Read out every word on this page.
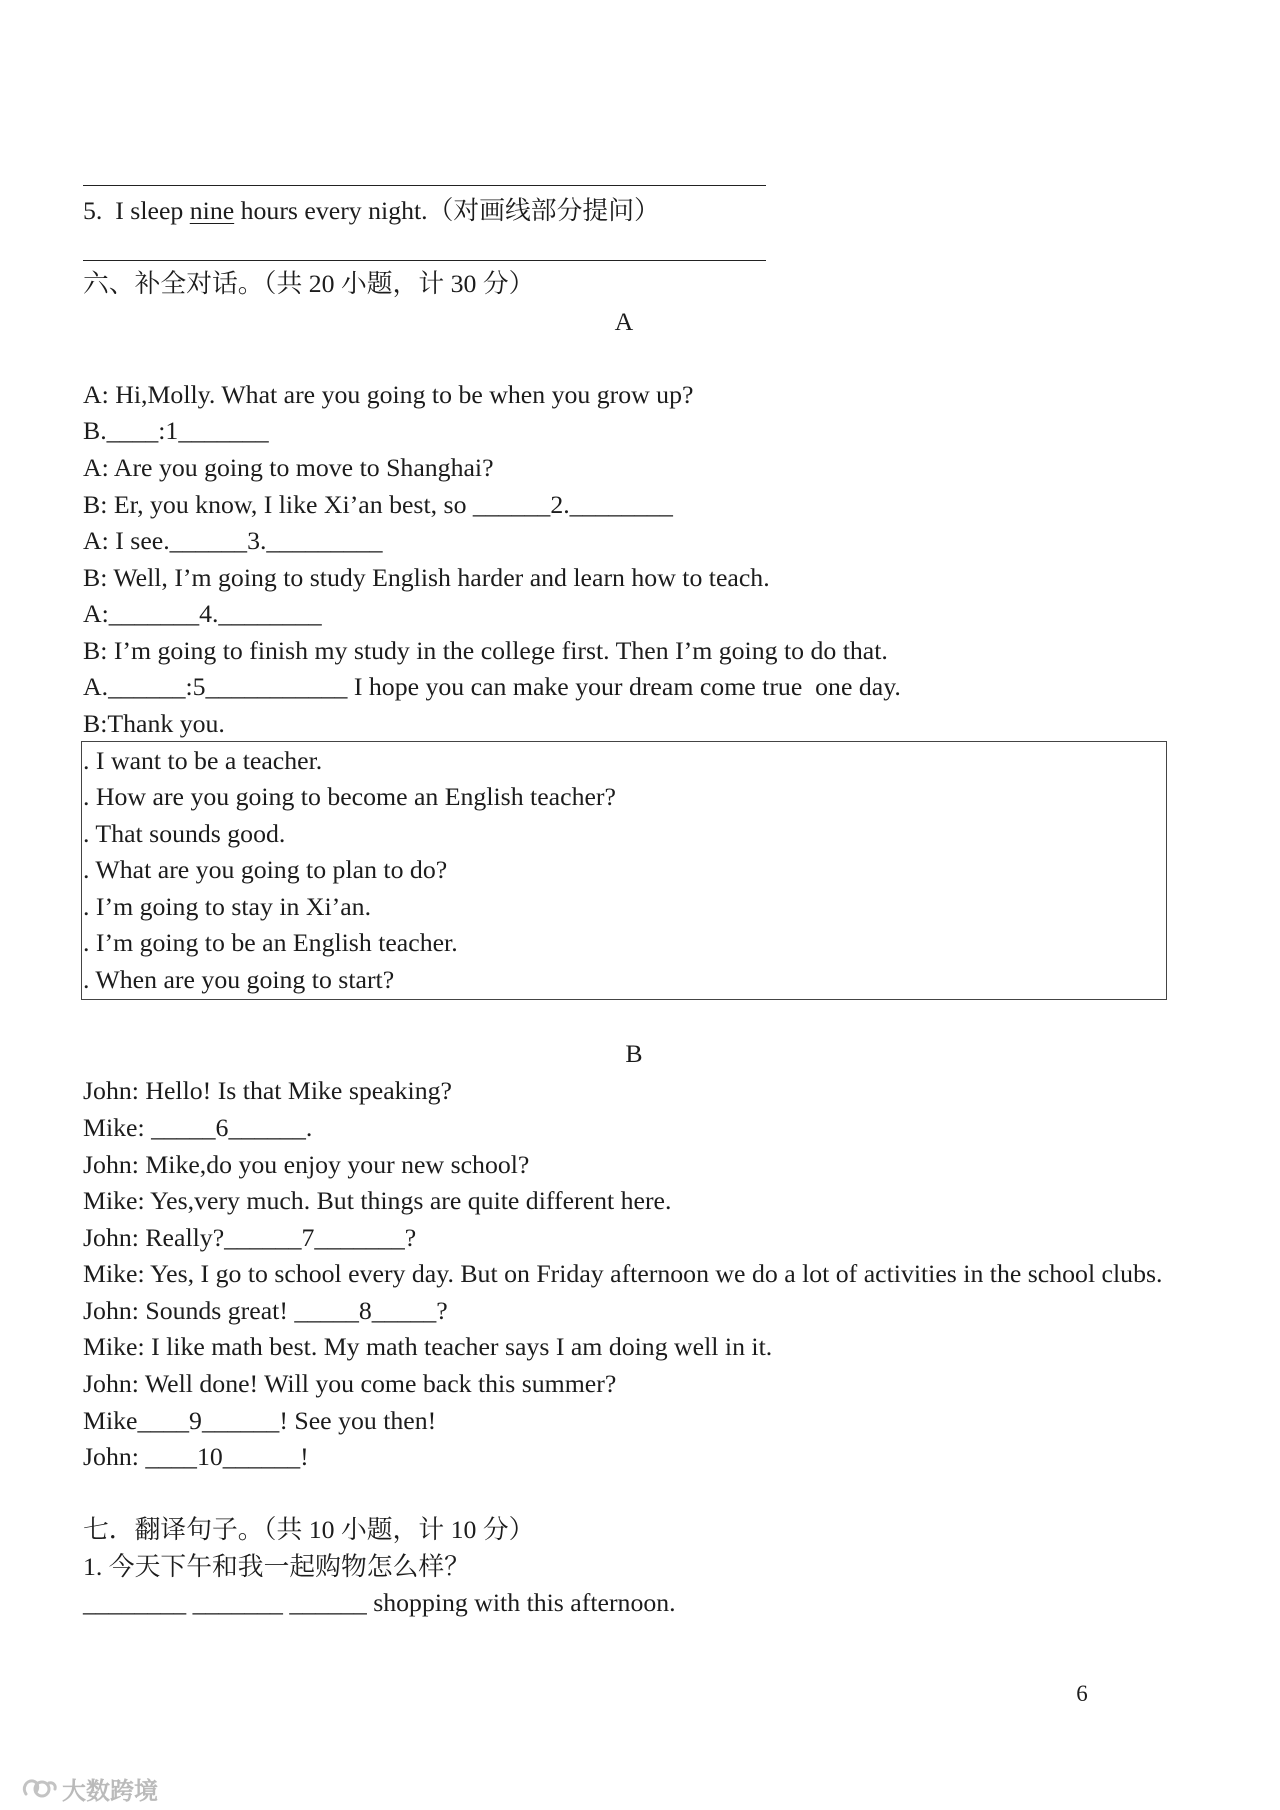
5.  I sleep nine hours every night.（对画线部分提问）
六、补全对话。（共 20 小题，计 30 分）
A
A: Hi,Molly. What are you going to be when you grow up?
B.____:1_______
A: Are you going to move to Shanghai?
B: Er, you know, I like Xi’an best, so ______2.________
A: I see.______3._________
B: Well, I’m going to study English harder and learn how to teach.
A:_______4.________
B: I’m going to finish my study in the college first. Then I’m going to do that.
A.______:5___________ I hope you can make your dream come true  one day.
B:Thank you.
. I want to be a teacher.
. How are you going to become an English teacher?
. That sounds good.
. What are you going to plan to do?
. I’m going to stay in Xi’an.
. I’m going to be an English teacher.
. When are you going to start?
B
John: Hello! Is that Mike speaking?
Mike: _____6______.
John: Mike,do you enjoy your new school?
Mike: Yes,very much. But things are quite different here.
John: Really?______7_______?
Mike: Yes, I go to school every day. But on Friday afternoon we do a lot of activities in the school clubs.
John: Sounds great! _____8_____?
Mike: I like math best. My math teacher says I am doing well in it.
John: Well done! Will you come back this summer?
Mike____9______! See you then!
John: ____10______!
七．翻译句子。（共 10 小题，计 10 分）
1. 今天下午和我一起购物怎么样？
________ _______ ______ shopping with this afternoon.
6
大数跨境
